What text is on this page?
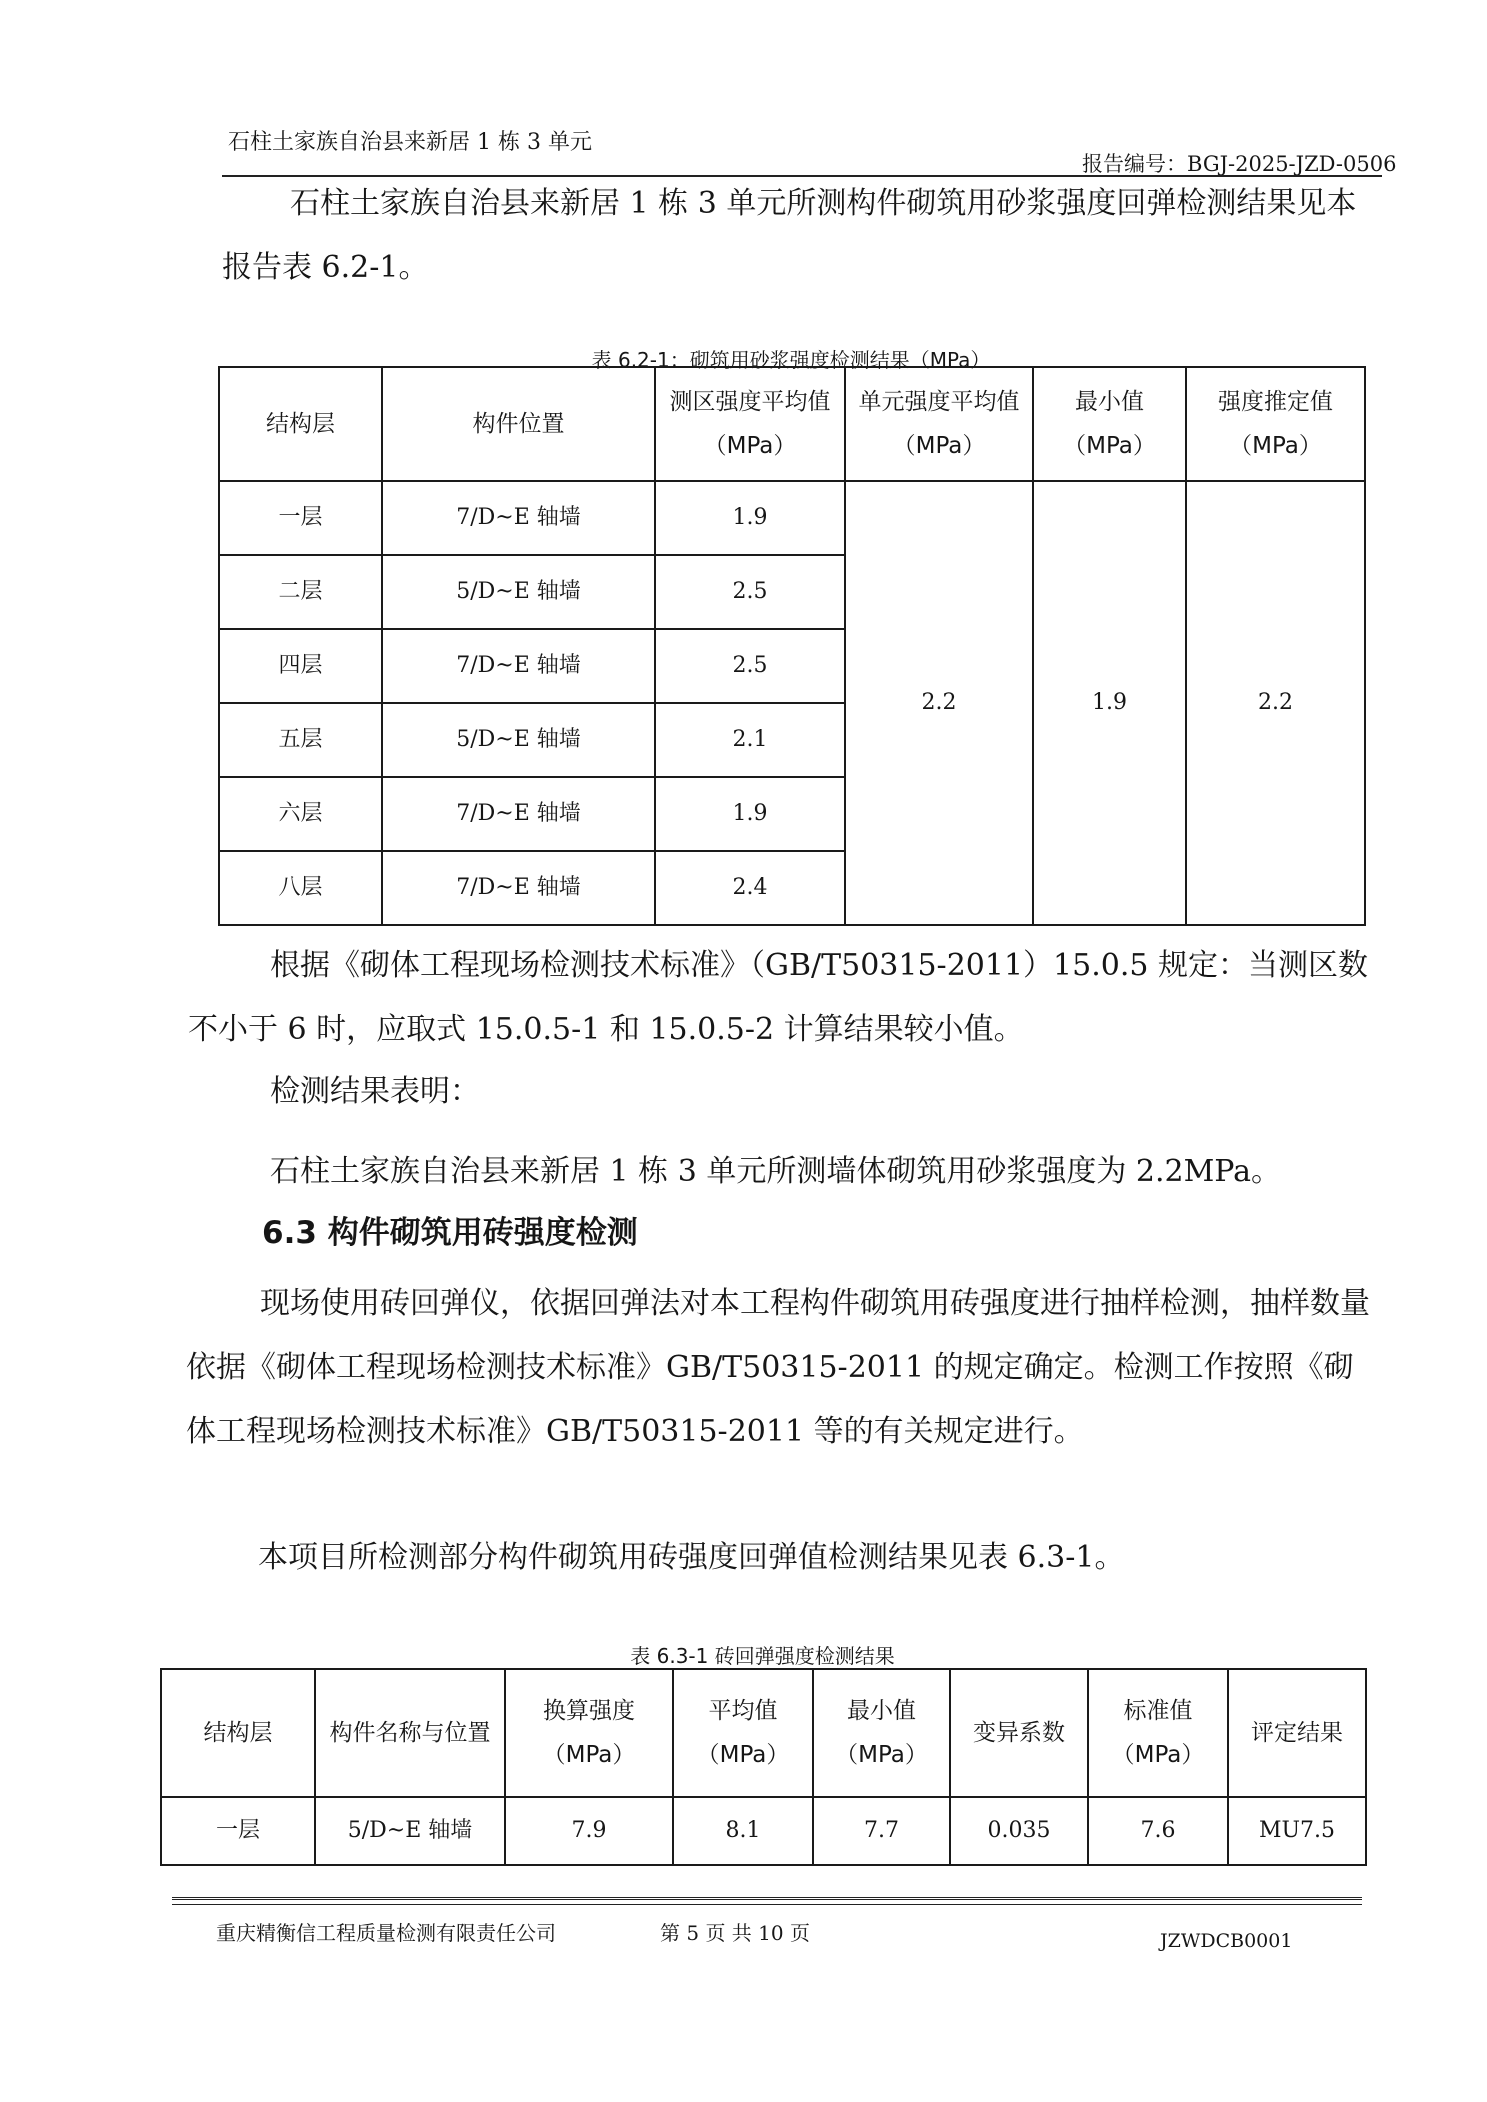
石柱土家族自治县来新居 1 栋 3 单元
报告编号：BGJ-2025-JZD-0506
石柱土家族自治县来新居 1 栋 3 单元所测构件砌筑用砂浆强度回弹检测结果见本报告表 6.2-1。
表 6.2-1：砌筑用砂浆强度检测结果（MPa）
结构层	构件位置	测区强度平均值（MPa）	单元强度平均值（MPa）	最小值（MPa）	强度推定值（MPa）
一层	7/D~E 轴墙	1.9	2.2	1.9	2.2
二层	5/D~E 轴墙	2.5			
四层	7/D~E 轴墙	2.5			
五层	5/D~E 轴墙	2.1			
六层	7/D~E 轴墙	1.9			
八层	7/D~E 轴墙	2.4			
根据《砌体工程现场检测技术标准》（GB/T50315-2011）15.0.5 规定：当测区数不小于 6 时，应取式 15.0.5-1 和 15.0.5-2 计算结果较小值。
检测结果表明：
石柱土家族自治县来新居 1 栋 3 单元所测墙体砌筑用砂浆强度为 2.2MPa。
6.3 构件砌筑用砖强度检测
现场使用砖回弹仪，依据回弹法对本工程构件砌筑用砖强度进行抽样检测，抽样数量依据《砌体工程现场检测技术标准》GB/T50315-2011 的规定确定。检测工作按照《砌体工程现场检测技术标准》GB/T50315-2011 等的有关规定进行。
本项目所检测部分构件砌筑用砖强度回弹值检测结果见表 6.3-1。
表 6.3-1 砖回弹强度检测结果
结构层	构件名称与位置	换算强度（MPa）	平均值（MPa）	最小值（MPa）	变异系数	标准值（MPa）	评定结果
一层	5/D~E 轴墙	7.9	8.1	7.7	0.035	7.6	MU7.5
重庆精衡信工程质量检测有限责任公司	第 5 页 共 10 页	JZWDCB0001
